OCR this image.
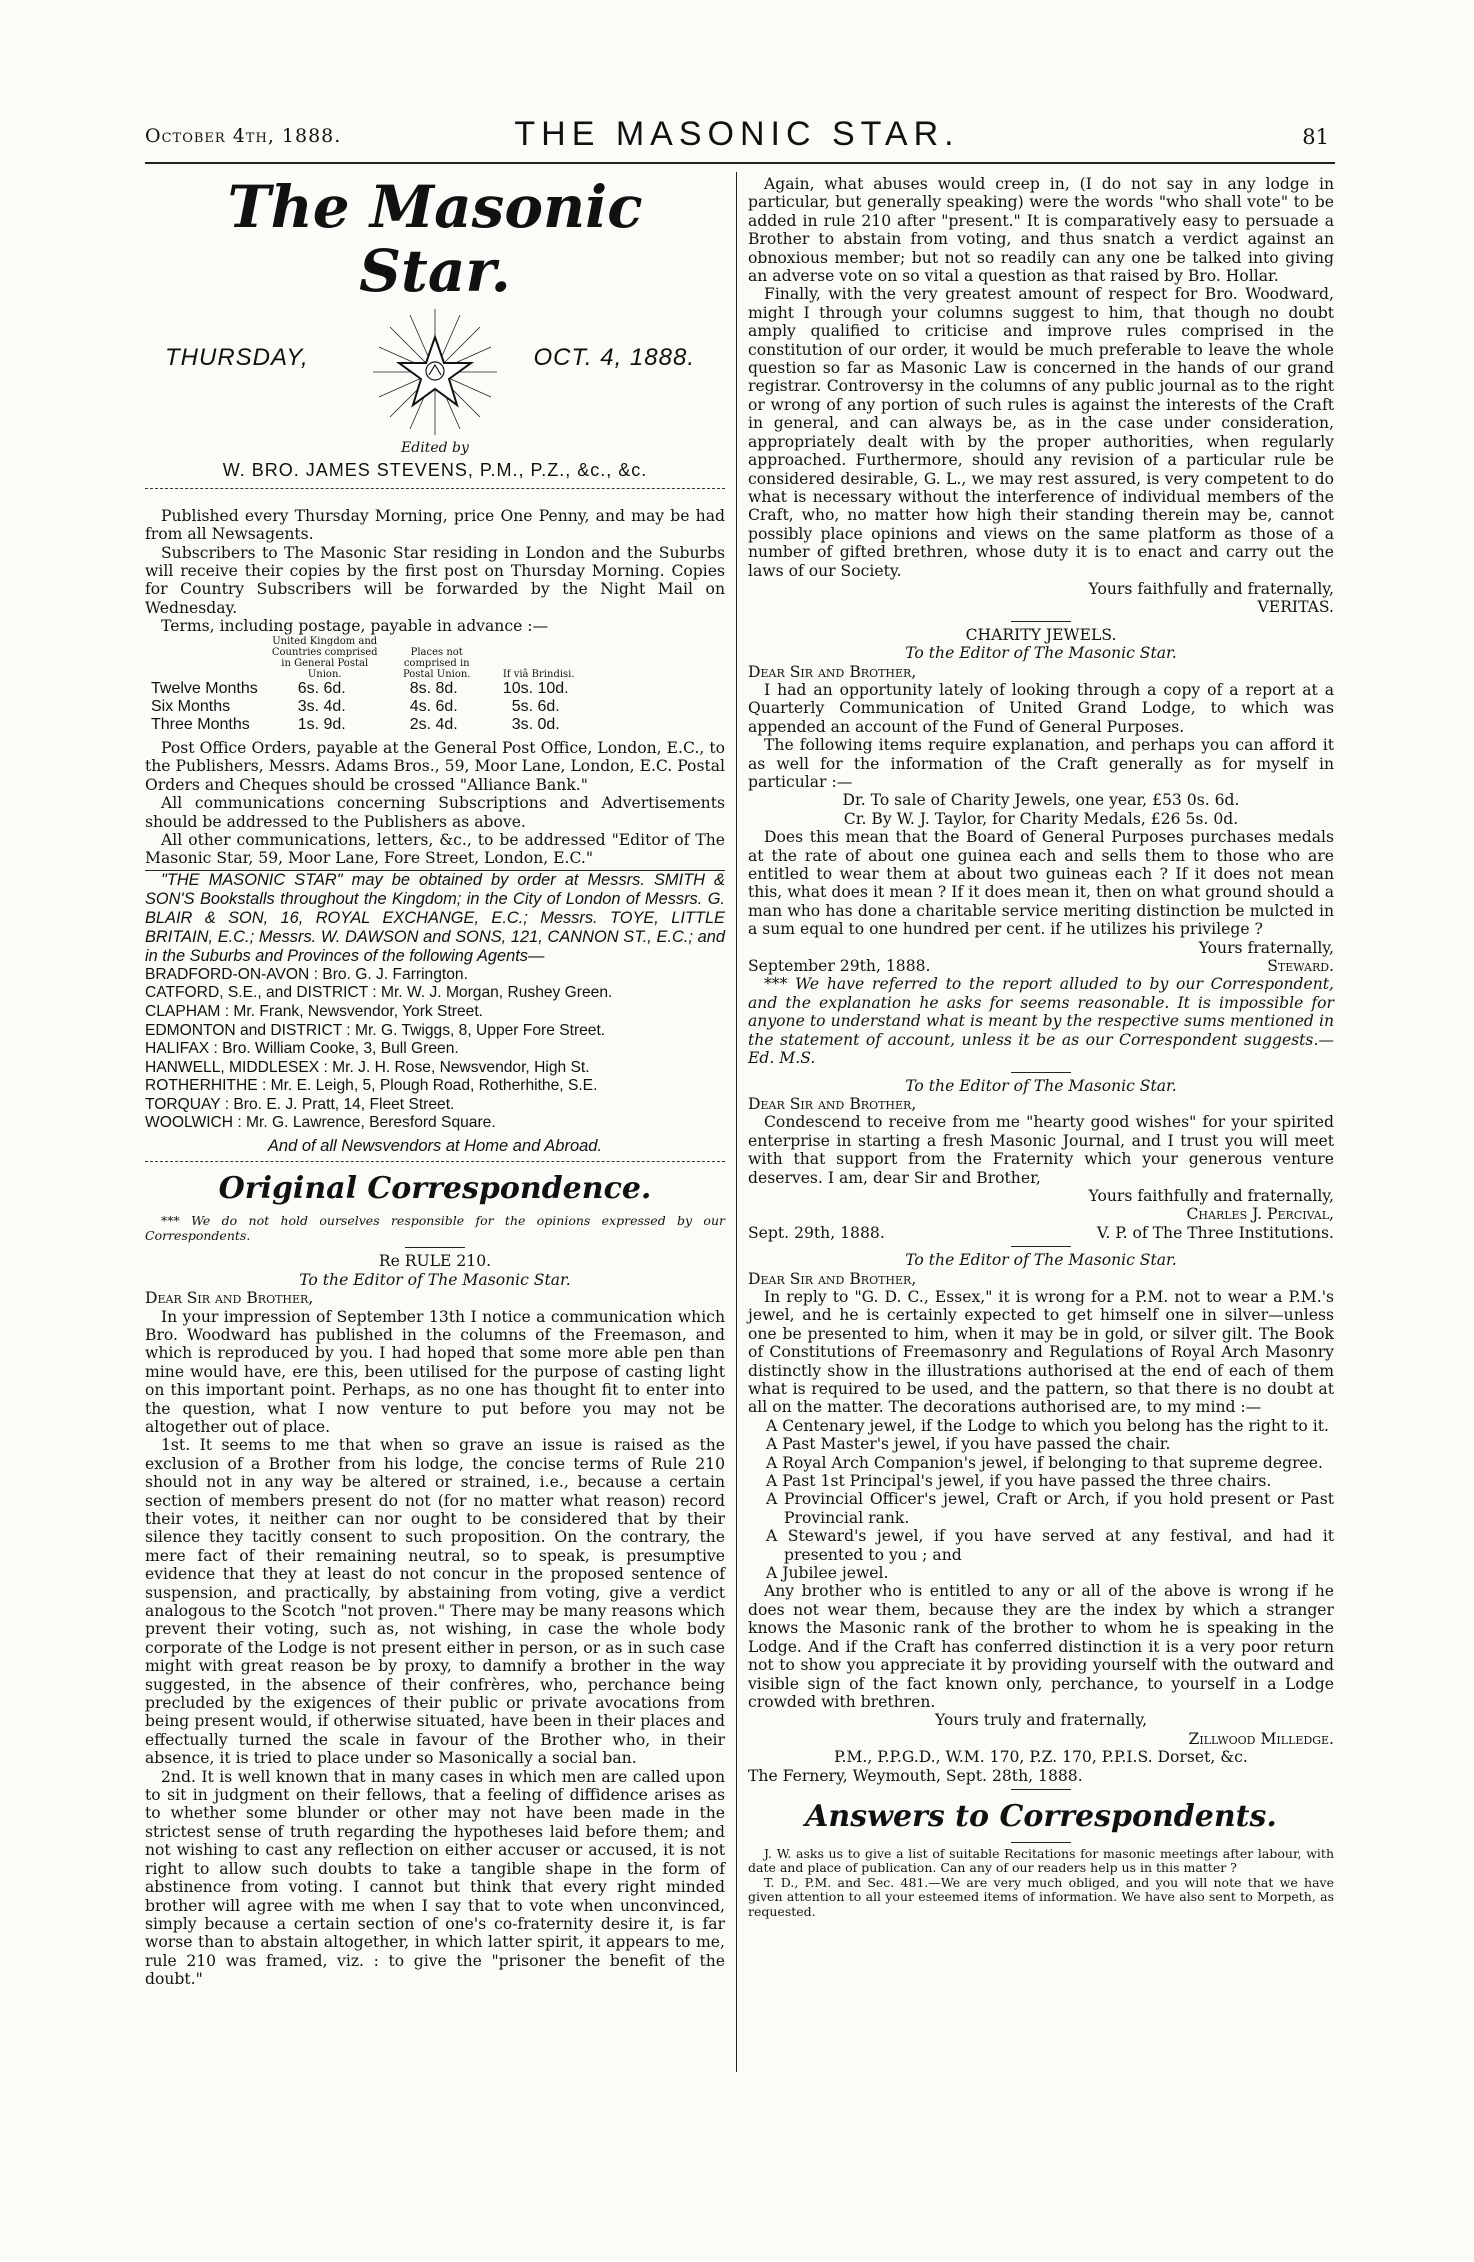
October 4th, 1888.	THE MASONIC STAR.	81
The Masonic Star.
THURSDAY,	OCT. 4, 1888.
Edited by
W. BRO. JAMES STEVENS, P.M., P.Z., &c., &c.

Published every Thursday Morning, price One Penny, and may be had from all Newsagents.

Subscribers to The Masonic Star residing in London and the Suburbs will receive their copies by the first post on Thursday Morning. Copies for Country Subscribers will be forwarded by the Night Mail on Wednesday.

Terms, including postage, payable in advance :—

	United Kingdom and Countries comprised in General Postal Union.	Places not comprised in Postal Union.	If viâ Brindisi.
Twelve Months	6s. 6d.	8s. 8d.	10s. 10d.
Six Months	3s. 4d.	4s. 6d.	5s. 6d.
Three Months	1s. 9d.	2s. 4d.	3s. 0d.

Post Office Orders, payable at the General Post Office, London, E.C., to the Publishers, Messrs. Adams Bros., 59, Moor Lane, London, E.C. Postal Orders and Cheques should be crossed "Alliance Bank."

All communications concerning Subscriptions and Advertisements should be addressed to the Publishers as above.

All other communications, letters, &c., to be addressed "Editor of The Masonic Star, 59, Moor Lane, Fore Street, London, E.C."

"THE MASONIC STAR" may be obtained by order at Messrs. SMITH & SON'S Bookstalls throughout the Kingdom; in the City of London of Messrs. G. BLAIR & SON, 16, ROYAL EXCHANGE, E.C.; Messrs. TOYE, LITTLE BRITAIN, E.C.; Messrs. W. DAWSON and SONS, 121, CANNON ST., E.C.; and in the Suburbs and Provinces of the following Agents—

BRADFORD-ON-AVON : Bro. G. J. Farrington.
CATFORD, S.E., and DISTRICT : Mr. W. J. Morgan, Rushey Green.
CLAPHAM : Mr. Frank, Newsvendor, York Street.
EDMONTON and DISTRICT : Mr. G. Twiggs, 8, Upper Fore Street.
HALIFAX : Bro. William Cooke, 3, Bull Green.
HANWELL, MIDDLESEX : Mr. J. H. Rose, Newsvendor, High St.
ROTHERHITHE : Mr. E. Leigh, 5, Plough Road, Rotherhithe, S.E.
TORQUAY : Bro. E. J. Pratt, 14, Fleet Street.
WOOLWICH : Mr. G. Lawrence, Beresford Square.
And of all Newsvendors at Home and Abroad.
Original Correspondence.

*** We do not hold ourselves responsible for the opinions expressed by our Correspondents.

Re RULE 210.

To the Editor of The Masonic Star.

Dear Sir and Brother,

In your impression of September 13th I notice a communication which Bro. Woodward has published in the columns of the Freemason, and which is reproduced by you. I had hoped that some more able pen than mine would have, ere this, been utilised for the purpose of casting light on this important point. Perhaps, as no one has thought fit to enter into the question, what I now venture to put before you may not be altogether out of place.

1st. It seems to me that when so grave an issue is raised as the exclusion of a Brother from his lodge, the concise terms of Rule 210 should not in any way be altered or strained, i.e., because a certain section of members present do not (for no matter what reason) record their votes, it neither can nor ought to be considered that by their silence they tacitly consent to such proposition. On the contrary, the mere fact of their remaining neutral, so to speak, is presumptive evidence that they at least do not concur in the proposed sentence of suspension, and practically, by abstaining from voting, give a verdict analogous to the Scotch "not proven." There may be many reasons which prevent their voting, such as, not wishing, in case the whole body corporate of the Lodge is not present either in person, or as in such case might with great reason be by proxy, to damnify a brother in the way suggested, in the absence of their confrères, who, perchance being precluded by the exigences of their public or private avocations from being present would, if otherwise situated, have been in their places and effectually turned the scale in favour of the Brother who, in their absence, it is tried to place under so Masonically a social ban.

2nd. It is well known that in many cases in which men are called upon to sit in judgment on their fellows, that a feeling of diffidence arises as to whether some blunder or other may not have been made in the strictest sense of truth regarding the hypotheses laid before them; and not wishing to cast any reflection on either accuser or accused, it is not right to allow such doubts to take a tangible shape in the form of abstinence from voting. I cannot but think that every right minded brother will agree with me when I say that to vote when unconvinced, simply because a certain section of one's co-fraternity desire it, is far worse than to abstain altogether, in which latter spirit, it appears to me, rule 210 was framed, viz. : to give the "prisoner the benefit of the doubt."

Again, what abuses would creep in, (I do not say in any lodge in particular, but generally speaking) were the words "who shall vote" to be added in rule 210 after "present." It is comparatively easy to persuade a Brother to abstain from voting, and thus snatch a verdict against an obnoxious member; but not so readily can any one be talked into giving an adverse vote on so vital a question as that raised by Bro. Hollar.

Finally, with the very greatest amount of respect for Bro. Woodward, might I through your columns suggest to him, that though no doubt amply qualified to criticise and improve rules comprised in the constitution of our order, it would be much preferable to leave the whole question so far as Masonic Law is concerned in the hands of our grand registrar. Controversy in the columns of any public journal as to the right or wrong of any portion of such rules is against the interests of the Craft in general, and can always be, as in the case under consideration, appropriately dealt with by the proper authorities, when regularly approached. Furthermore, should any revision of a particular rule be considered desirable, G. L., we may rest assured, is very competent to do what is necessary without the interference of individual members of the Craft, who, no matter how high their standing therein may be, cannot possibly place opinions and views on the same platform as those of a number of gifted brethren, whose duty it is to enact and carry out the laws of our Society.

Yours faithfully and fraternally,

VERITAS.

CHARITY JEWELS.

To the Editor of The Masonic Star.

Dear Sir and Brother,

I had an opportunity lately of looking through a copy of a report at a Quarterly Communication of United Grand Lodge, to which was appended an account of the Fund of General Purposes.

The following items require explanation, and perhaps you can afford it as well for the information of the Craft generally as for myself in particular :—

Dr. To sale of Charity Jewels, one year, £53 0s. 6d.

Cr. By W. J. Taylor, for Charity Medals, £26 5s. 0d.

Does this mean that the Board of General Purposes purchases medals at the rate of about one guinea each and sells them to those who are entitled to wear them at about two guineas each ? If it does not mean this, what does it mean ? If it does mean it, then on what ground should a man who has done a charitable service meriting distinction be mulcted in a sum equal to one hundred per cent. if he utilizes his privilege ?

Yours fraternally,

September 29th, 1888.	Steward.

*** We have referred to the report alluded to by our Correspondent, and the explanation he asks for seems reasonable. It is impossible for anyone to understand what is meant by the respective sums mentioned in the statement of account, unless it be as our Correspondent suggests.—Ed. M.S.

To the Editor of The Masonic Star.

Dear Sir and Brother,

Condescend to receive from me "hearty good wishes" for your spirited enterprise in starting a fresh Masonic Journal, and I trust you will meet with that support from the Fraternity which your generous venture deserves. I am, dear Sir and Brother,

Yours faithfully and fraternally,

Charles J. Percival,

Sept. 29th, 1888.	V. P. of The Three Institutions.

To the Editor of The Masonic Star.

Dear Sir and Brother,

In reply to "G. D. C., Essex," it is wrong for a P.M. not to wear a P.M.'s jewel, and he is certainly expected to get himself one in silver—unless one be presented to him, when it may be in gold, or silver gilt. The Book of Constitutions of Freemasonry and Regulations of Royal Arch Masonry distinctly show in the illustrations authorised at the end of each of them what is required to be used, and the pattern, so that there is no doubt at all on the matter. The decorations authorised are, to my mind :—

A Centenary jewel, if the Lodge to which you belong has the right to it.

A Past Master's jewel, if you have passed the chair.

A Royal Arch Companion's jewel, if belonging to that supreme degree.

A Past 1st Principal's jewel, if you have passed the three chairs.

A Provincial Officer's jewel, Craft or Arch, if you hold present or Past Provincial rank.

A Steward's jewel, if you have served at any festival, and had it presented to you ; and

A Jubilee jewel.

Any brother who is entitled to any or all of the above is wrong if he does not wear them, because they are the index by which a stranger knows the Masonic rank of the brother to whom he is speaking in the Lodge. And if the Craft has conferred distinction it is a very poor return not to show you appreciate it by providing yourself with the outward and visible sign of the fact known only, perchance, to yourself in a Lodge crowded with brethren.

Yours truly and fraternally,

Zillwood Milledge.

P.M., P.P.G.D., W.M. 170, P.Z. 170, P.P.I.S. Dorset, &c.

The Fernery, Weymouth, Sept. 28th, 1888.

Answers to Correspondents.

J. W. asks us to give a list of suitable Recitations for masonic meetings after labour, with date and place of publication. Can any of our readers help us in this matter ?

T. D., P.M. and Sec. 481.—We are very much obliged, and you will note that we have given attention to all your esteemed items of information. We have also sent to Morpeth, as requested.
